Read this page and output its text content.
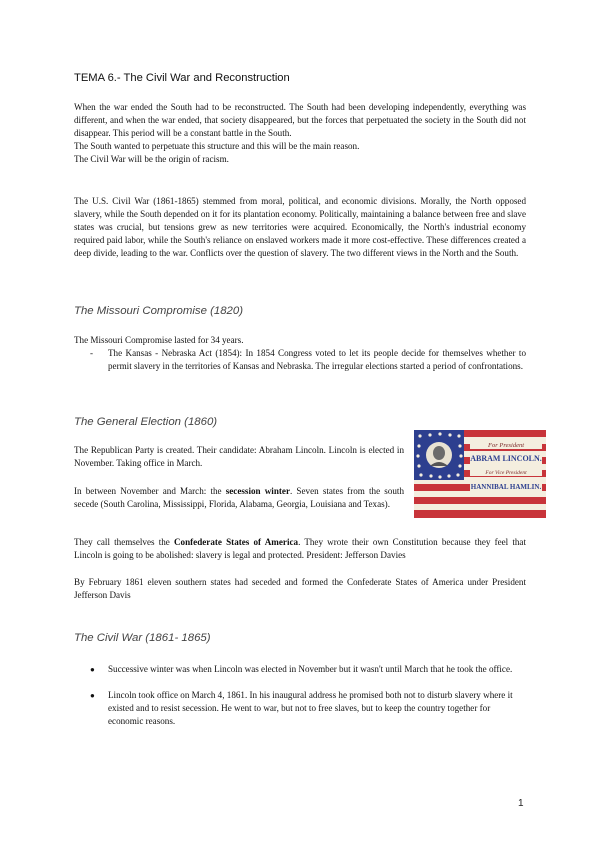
TEMA 6.- The Civil War and Reconstruction

When the war ended the South had to be reconstructed. The South had been developing independently, everything was different, and when the war ended, that society disappeared, but the forces that perpetuated the society in the South did not disappear. This period will be a constant battle in the South.

The South wanted to perpetuate this structure and this will be the main reason.

The Civil War will be the origin of racism.

The U.S. Civil War (1861-1865) stemmed from moral, political, and economic divisions. Morally, the North opposed slavery, while the South depended on it for its plantation economy. Politically, maintaining a balance between free and slave states was crucial, but tensions grew as new territories were acquired. Economically, the North's industrial economy required paid labor, while the South's reliance on enslaved workers made it more cost-effective. These differences created a deep divide, leading to the war. Conflicts over the question of slavery. The two different views in the North and the South.
The Missouri Compromise (1820)
The Missouri Compromise lasted for 34 years.
- The Kansas - Nebraska Act (1854): In 1854 Congress voted to let its people decide for themselves whether to permit slavery in the territories of Kansas and Nebraska. The irregular elections started a period of confrontations.
The General Election (1860)
The Republican Party is created. Their candidate: Abraham Lincoln. Lincoln is elected in November. Taking office in March.
In between November and March: the secession winter. Seven states from the south secede (South Carolina, Mississippi, Florida, Alabama, Georgia, Louisiana and Texas).
For President
ABRAM LINCOLN.
For Vice President
HANNIBAL HAMLIN.
They call themselves the Confederate States of America. They wrote their own Constitution because they feel that Lincoln is going to be abolished: slavery is legal and protected. President: Jefferson Davies
By February 1861 eleven southern states had seceded and formed the Confederate States of America under President Jefferson Davis
The Civil War (1861- 1865)
● Successive winter was when Lincoln was elected in November but it wasn't until March that he took the office.
● Lincoln took office on March 4, 1861. In his inaugural address he promised both not to disturb slavery where it existed and to resist secession. He went to war, but not to free slaves, but to keep the country together for economic reasons.
1
